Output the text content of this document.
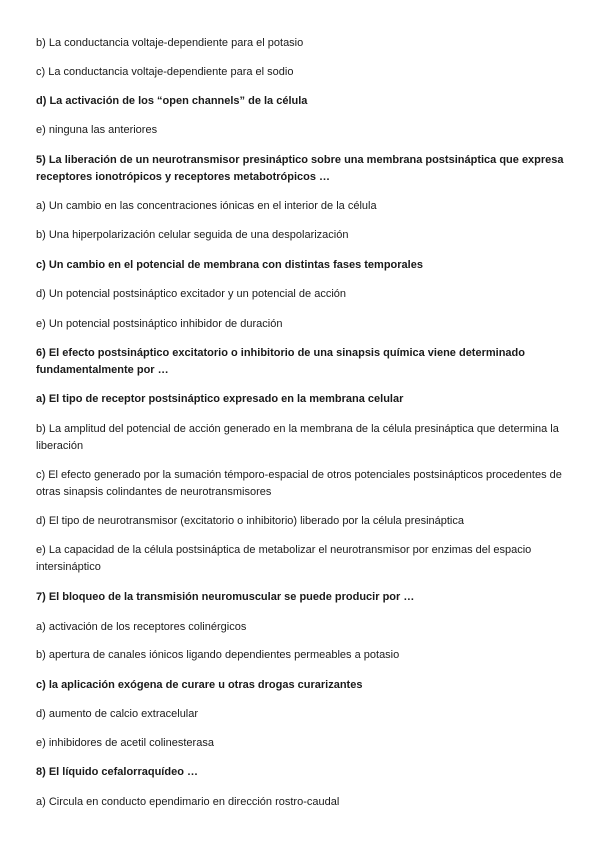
b) La conductancia voltaje-dependiente para el potasio
c) La conductancia voltaje-dependiente para el sodio
d) La activación de los “open channels” de la célula
e) ninguna las anteriores
5) La liberación de un neurotransmisor presináptico sobre una membrana postsináptica que expresa receptores ionotrópicos y receptores metabotrópicos …
a) Un cambio en las concentraciones iónicas en el interior de la célula
b) Una hiperpolarización celular seguida de una despolarización
c) Un cambio en el potencial de membrana con distintas fases temporales
d) Un potencial postsináptico excitador y un potencial de acción
e) Un potencial postsináptico inhibidor de duración
6) El efecto postsináptico excitatorio o inhibitorio de una sinapsis química viene determinado fundamentalmente por …
a) El tipo de receptor postsináptico expresado en la membrana celular
b) La amplitud del potencial de acción generado en la membrana de la célula presináptica que determina la liberación
c) El efecto generado por la sumación témporo-espacial de otros potenciales postsinápticos procedentes de otras sinapsis colindantes de neurotransmisores
d) El tipo de neurotransmisor (excitatorio o inhibitorio) liberado por la célula presináptica
e) La capacidad de la célula postsináptica de metabolizar el neurotransmisor por enzimas del espacio intersináptico
7) El bloqueo de la transmisión neuromuscular se puede producir por …
a) activación de los receptores colinérgicos
b) apertura de canales iónicos ligando dependientes permeables a potasio
c) la aplicación exógena de curare u otras drogas curarizantes
d) aumento de calcio extracelular
e) inhibidores de acetil colinesterasa
8) El líquido cefalorraquídeo …
a) Circula en conducto ependimario en dirección rostro-caudal
